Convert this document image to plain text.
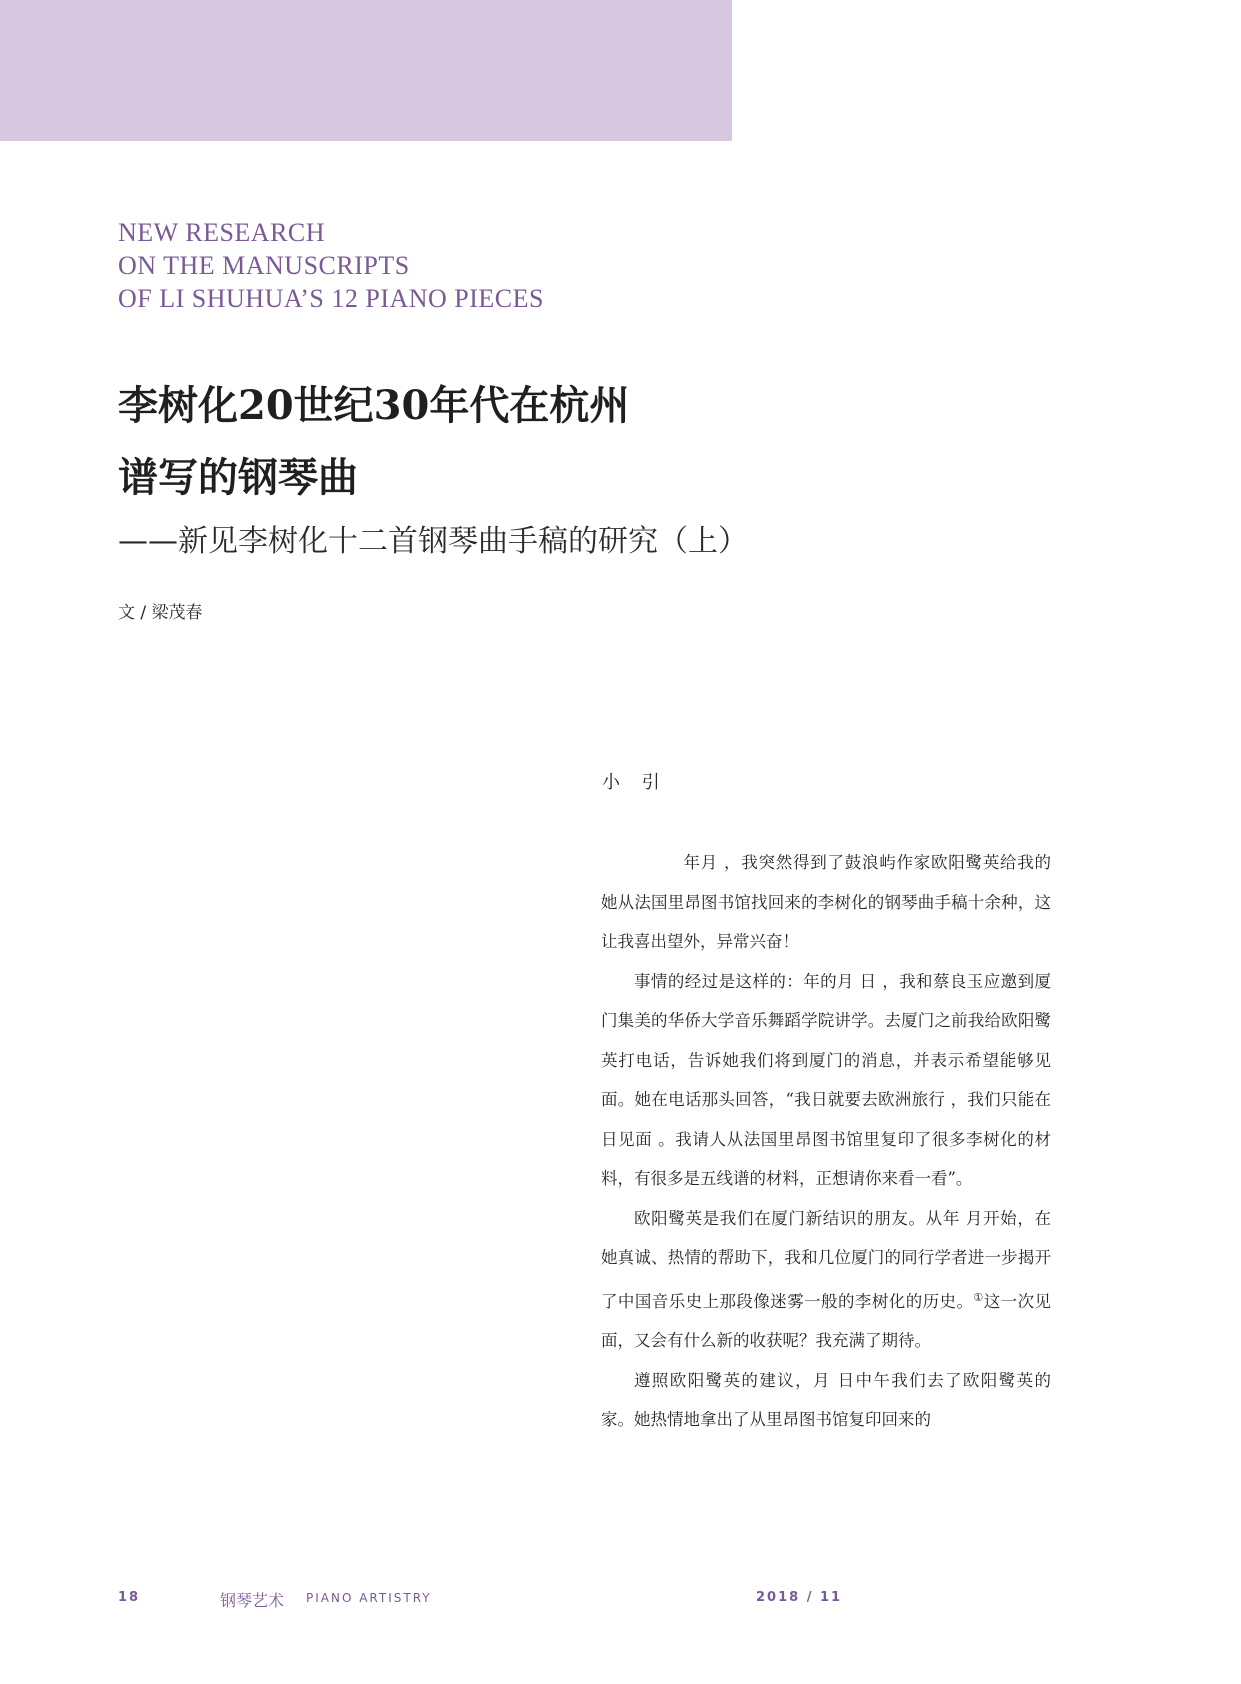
NEW RESEARCH
ON THE MANUSCRIPTS
OF LI SHUHUA’S 12 PIANO PIECES
李树化20世纪30年代在杭州
谱写的钢琴曲
——新见李树化十二首钢琴曲手稿的研究（上）
文 / 梁茂春
小 引

年月 ，我突然得到了鼓浪屿作家欧阳鹭英给我的她从法国里昂图书馆找回来的李树化的钢琴曲手稿十余种，这让我喜出望外，异常兴奋！

事情的经过是这样的：年的月 日 ，我和蔡良玉应邀到厦门集美的华侨大学音乐舞蹈学院讲学。去厦门之前我给欧阳鹭英打电话，告诉她我们将到厦门的消息，并表示希望能够见面。她在电话那头回答，“我日就要去欧洲旅行 ，我们只能在日见面 。我请人从法国里昂图书馆里复印了很多李树化的材料，有很多是五线谱的材料，正想请你来看一看”。

欧阳鹭英是我们在厦门新结识的朋友。从年 月开始，在她真诚、热情的帮助下，我和几位厦门的同行学者进一步揭开了中国音乐史上那段像迷雾一般的李树化的历史。①这一次见面，又会有什么新的收获呢？我充满了期待。

遵照欧阳鹭英的建议，月 日中午我们去了欧阳鹭英的家。她热情地拿出了从里昂图书馆复印回来的

18	钢琴艺术 PIANO ARTISTRY	2018 / 11
